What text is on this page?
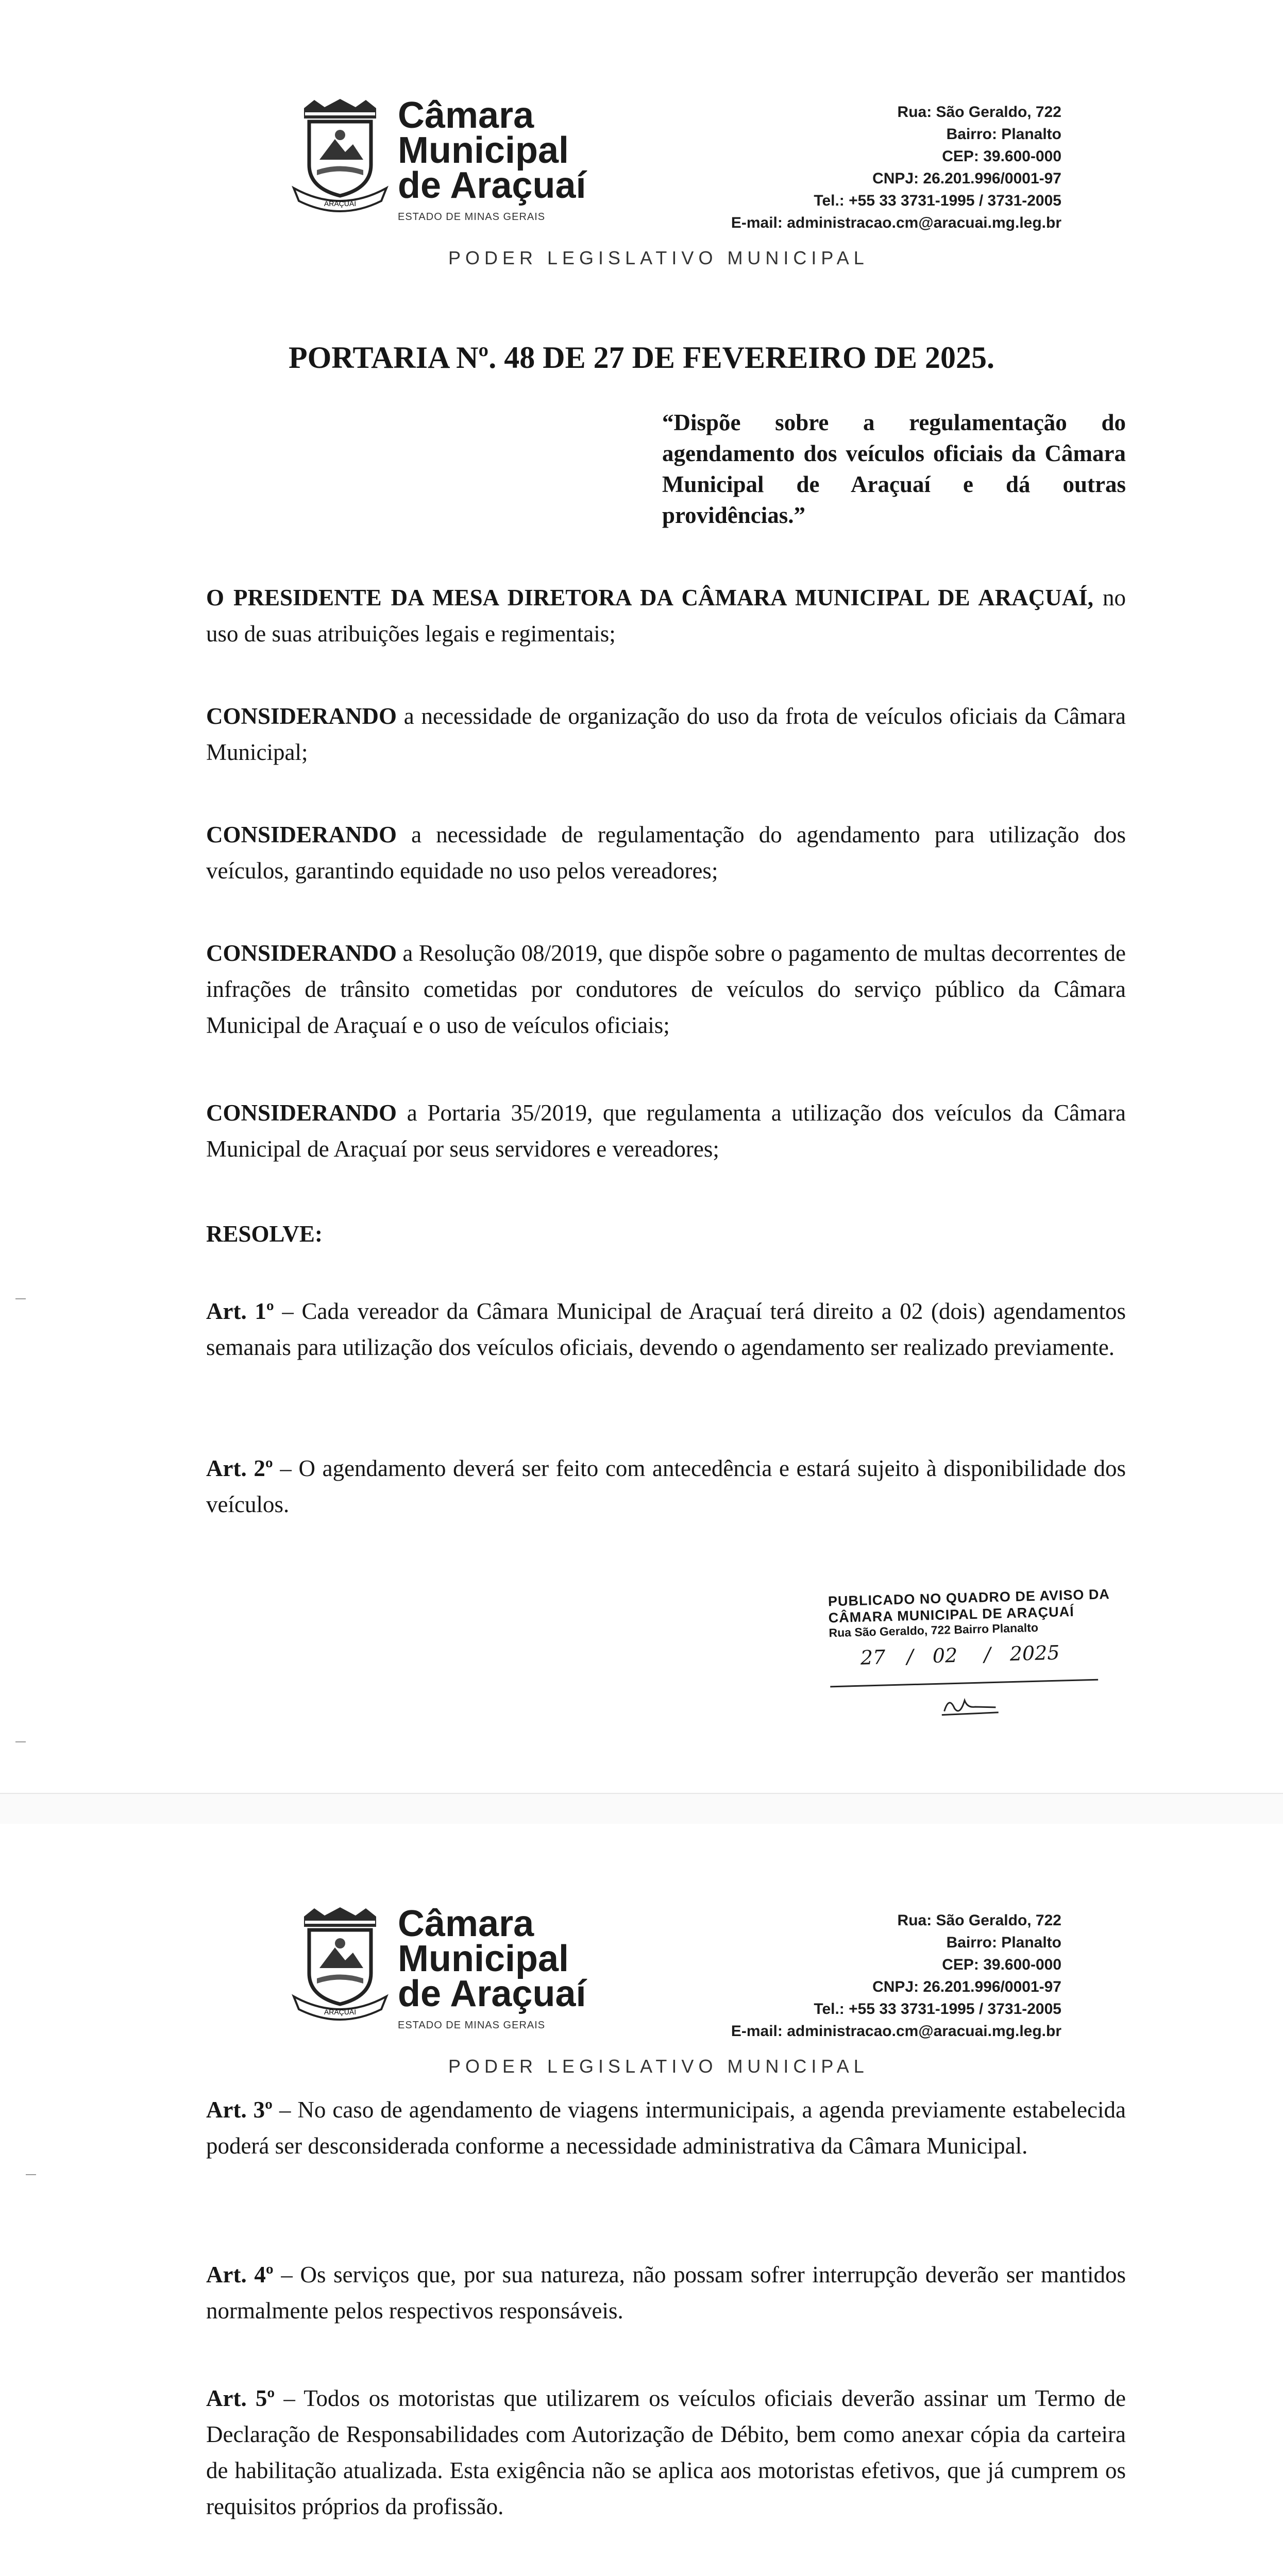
ARAÇUAÍ
Câmara
Municipal
de Araçuaí
ESTADO DE MINAS GERAIS
Rua: São Geraldo, 722
Bairro: Planalto
CEP: 39.600-000
CNPJ: 26.201.996/0001-97
Tel.: +55 33 3731-1995 / 3731-2005
E-mail: administracao.cm@aracuai.mg.leg.br
PODER LEGISLATIVO MUNICIPAL
PORTARIA Nº. 48 DE 27 DE FEVEREIRO DE 2025.
“Dispõe sobre a regulamentação do agendamento dos veículos oficiais da Câmara Municipal de Araçuaí e dá outras providências.”
O PRESIDENTE DA MESA DIRETORA DA CÂMARA MUNICIPAL DE ARAÇUAÍ, no uso de suas atribuições legais e regimentais;
CONSIDERANDO a necessidade de organização do uso da frota de veículos oficiais da Câmara Municipal;
CONSIDERANDO a necessidade de regulamentação do agendamento para utilização dos veículos, garantindo equidade no uso pelos vereadores;
CONSIDERANDO a Resolução 08/2019, que dispõe sobre o pagamento de multas decorrentes de infrações de trânsito cometidas por condutores de veículos do serviço público da Câmara Municipal de Araçuaí e o uso de veículos oficiais;
CONSIDERANDO a Portaria 35/2019, que regulamenta a utilização dos veículos da Câmara Municipal de Araçuaí por seus servidores e vereadores;
RESOLVE:
Art. 1º – Cada vereador da Câmara Municipal de Araçuaí terá direito a 02 (dois) agendamentos semanais para utilização dos veículos oficiais, devendo o agendamento ser realizado previamente.
Art. 2º – O agendamento deverá ser feito com antecedência e estará sujeito à disponibilidade dos veículos.
PUBLICADO NO QUADRO DE AVISO DA
CÂMARA MUNICIPAL DE ARAÇUAÍ
Rua São Geraldo, 722 Bairro Planalto
27 / 02 / 2025
ARAÇUAÍ
Câmara
Municipal
de Araçuaí
ESTADO DE MINAS GERAIS
Rua: São Geraldo, 722
Bairro: Planalto
CEP: 39.600-000
CNPJ: 26.201.996/0001-97
Tel.: +55 33 3731-1995 / 3731-2005
E-mail: administracao.cm@aracuai.mg.leg.br
PODER LEGISLATIVO MUNICIPAL
Art. 3º – No caso de agendamento de viagens intermunicipais, a agenda previamente estabelecida poderá ser desconsiderada conforme a necessidade administrativa da Câmara Municipal.
Art. 4º – Os serviços que, por sua natureza, não possam sofrer interrupção deverão ser mantidos normalmente pelos respectivos responsáveis.
Art. 5º – Todos os motoristas que utilizarem os veículos oficiais deverão assinar um Termo de Declaração de Responsabilidades com Autorização de Débito, bem como anexar cópia da carteira de habilitação atualizada. Esta exigência não se aplica aos motoristas efetivos, que já cumprem os requisitos próprios da profissão.
